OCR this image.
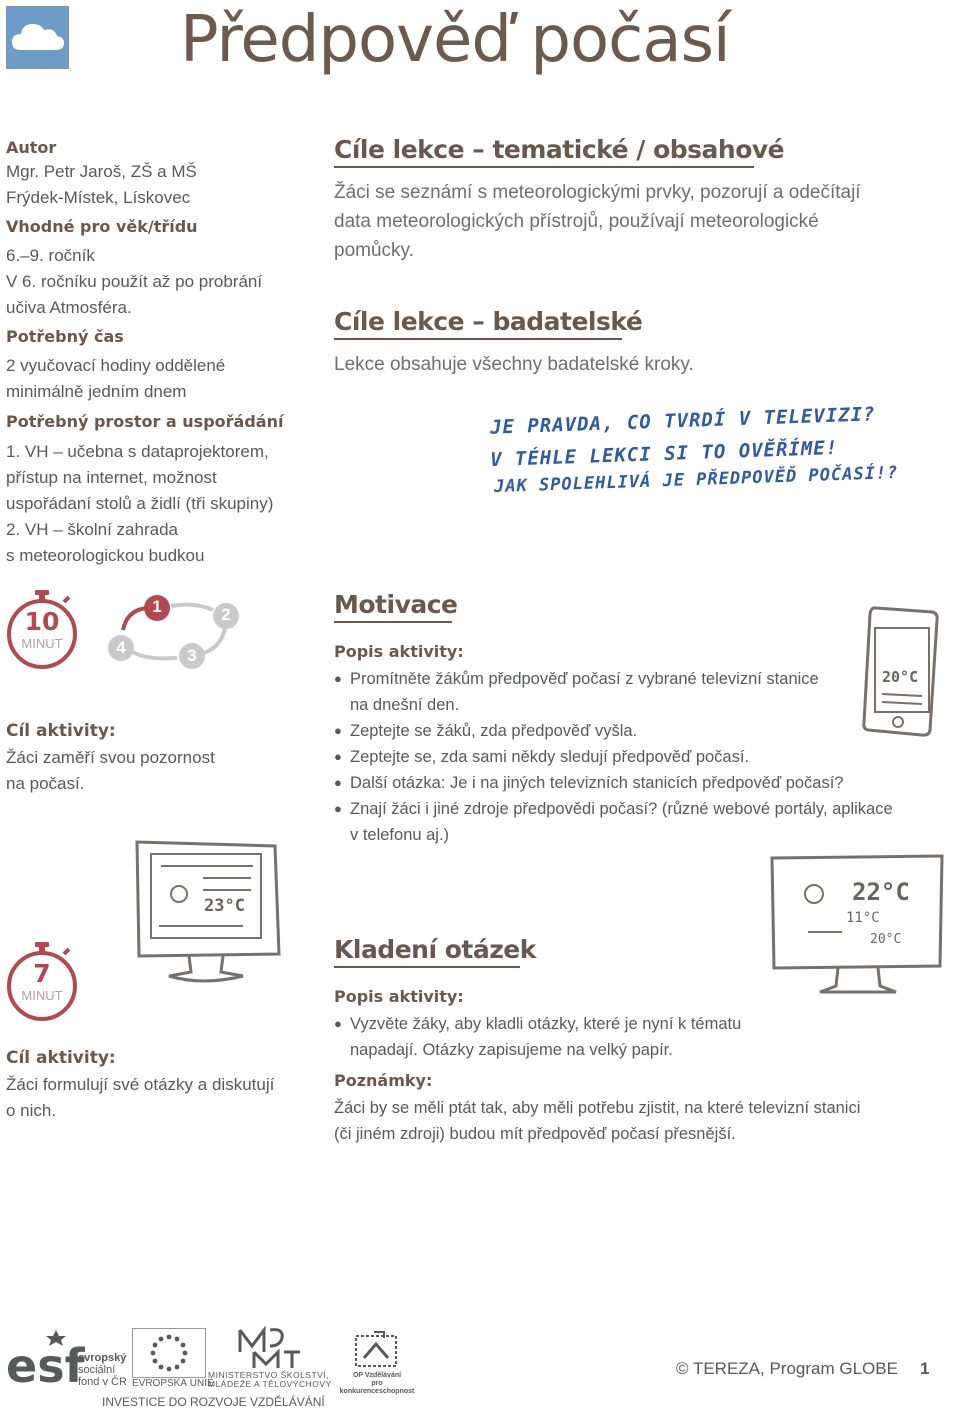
Předpověď počasí
Autor
Mgr. Petr Jaroš, ZŠ a MŠ
Frýdek-Místek, Lískovec
Vhodné pro věk/třídu
6.–9. ročník
V 6. ročníku použít až po probrání
učiva Atmosféra.
Potřebný čas
2 vyučovací hodiny oddělené
minimálně jedním dnem
Potřebný prostor a uspořádání
1. VH – učebna s dataprojektorem,
přístup na internet, možnost
uspořádaní stolů a židlí (tři skupiny)
2. VH – školní zahrada
s meteorologickou budkou
Cíle lekce – tematické / obsahové
Žáci se seznámí s meteorologickými prvky, pozorují a odečítají
data meteorologických přístrojů, používají meteorologické
pomůcky.
Cíle lekce – badatelské
Lekce obsahuje všechny badatelské kroky.
JE PRAVDA, CO TVRDÍ V TELEVIZI?
V TÉHLE LEKCI SI TO OVĚŘÍME!
JAK SPOLEHLIVÁ JE PŘEDPOVĚĎ POČASÍ!?
10
MINUT
1	2
3
4
Cíl aktivity:
Žáci zaměří svou pozornost
na počasí.
Motivace
Popis aktivity:
● Promítněte žákům předpověď počasí z vybrané televizní stanice
na dnešní den.
● Zeptejte se žáků, zda předpověď vyšla.
● Zeptejte se, zda sami někdy sledují předpověď počasí.
● Další otázka: Je i na jiných televizních stanicích předpověď počasí?
● Znají žáci i jiné zdroje předpovědi počasí? (různé webové portály, aplikace
v telefonu aj.)
20°C
23°C	22°C
11°C
20°C
7
MINUT
Cíl aktivity:
Žáci formulují své otázky a diskutují
o nich.
Kladení otázek
Popis aktivity:
● Vyzvěte žáky, aby kladli otázky, které je nyní k tématu
napadají. Otázky zapisujeme na velký papír.
Poznámky:
Žáci by se měli ptát tak, aby měli potřebu zjistit, na které televizní stanici
(či jiném zdroji) budou mít předpověď počasí přesnější.
esf
evropský
sociální
fond v ČR EVROPSKÁ UNIE
MINISTERSTVO ŠKOLSTVÍ,
MLÁDEŽE A TĚLOVÝCHOVY
OP Vzdělávání
pro konkurenceschopnost
INVESTICE DO ROZVOJE VZDĚLÁVÁNÍ
© TEREZA, Program GLOBE 1
